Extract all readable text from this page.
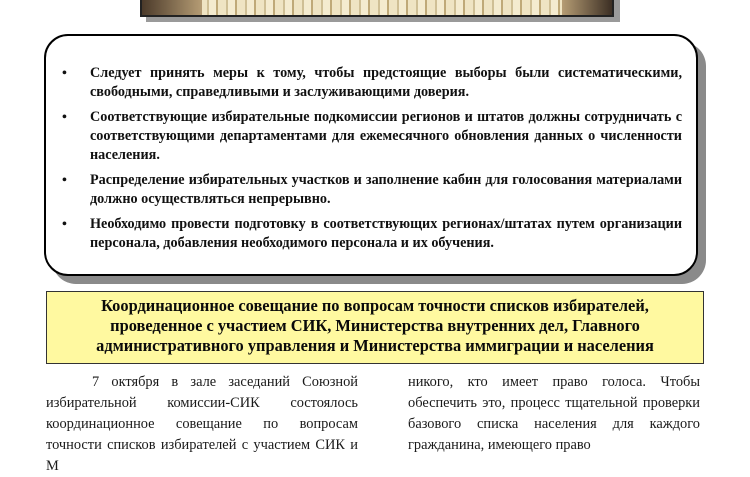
• Следует принять меры к тому, чтобы предстоящие выборы были систематическими, свободными, справедливыми и заслуживающими доверия.
• Соответствующие избирательные подкомиссии регионов и штатов должны сотрудничать с соответствующими департаментами для ежемесячного обновления данных о численности населения.
• Распределение избирательных участков и заполнение кабин для голосования материалами должно осуществляться непрерывно.
• Необходимо провести подготовку в соответствующих регионах/штатах путем организации персонала, добавления необходимого персонала и их обучения.
Координационное совещание по вопросам точности списков избирателей,
проведенное с участием СИК, Министерства внутренних дел, Главного
административного управления и Министерства иммиграции и населения

7 октября в зале заседаний Союзной избирательной комиссии-СИК состоялось координационное совещание по вопросам точности списков избирателей с участием СИК и М

никого, кто имеет право голоса. Чтобы обеспечить это, процесс тщательной проверки базового списка населения для каждого гражданина, имеющего право
